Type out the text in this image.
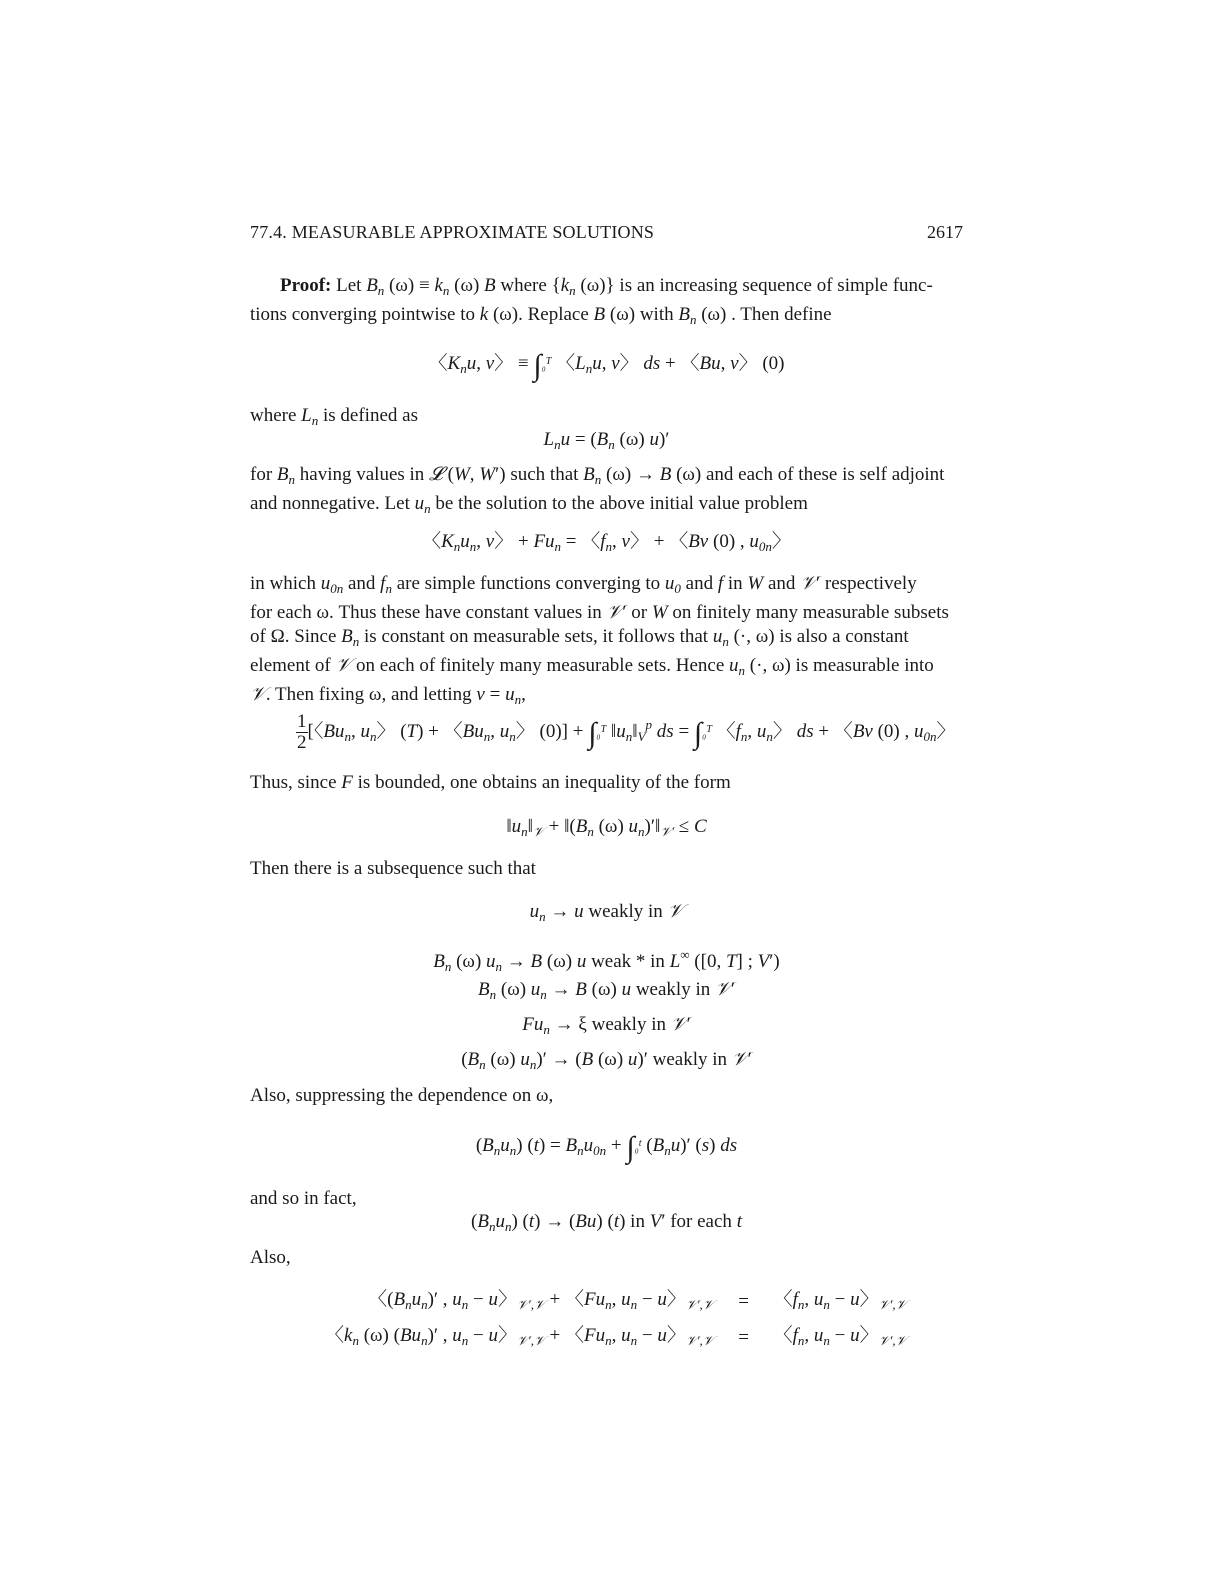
77.4. MEASURABLE APPROXIMATE SOLUTIONS	2617

Proof: Let $B_n$ $(\omega) \equiv k_n$ (ω) B where {$k_n$ (ω)} is an increasing sequence of simple func-
tions converging pointwise to k (ω). Replace B (ω) with $B_n$ (ω) . Then define

〈$K_nu$, v〉 ≡ ∫₀$^T$ 〈$L_nu$, v〉 ds + 〈Bu, v〉 (0)

where $L_n$ is defined as

$L_nu = (B_n$ (ω) u)′

for $B_n$ having values in 𝓛 (W, W′) such that $B_n$ (ω) → B (ω) and each of these is self adjoint
and nonnegative. Let $u_n$ be the solution to the above initial value problem

〈$K_nu_n$, v〉 + $Fu_n$ = 〈$f_n$, v〉 + 〈Bv (0) , $u_{0n}$〉

in which $u_{0n}$ and $f_n$ are simple functions converging to $u_0$ and f in W and 𝒱′ respectively
for each ω. Thus these have constant values in 𝒱′ or W on finitely many measurable subsets
of Ω. Since $B_n$ is constant on measurable sets, it follows that $u_n$ (·, ω) is also a constant
element of 𝒱 on each of finitely many measurable sets. Hence $u_n$ (·, ω) is measurable into
𝒱. Then fixing ω, and letting $v = u_n$,

$\frac{1}{2}$ [〈$Bu_n$, $u_n$〉 (T) + 〈$Bu_n$, $u_n$〉 (0)] + ∫₀$^T$ $‖u_n‖_V^p$ ds = ∫₀$^T$ 〈$f_n$, $u_n$〉 ds + 〈Bv (0) , $u_{0n}$〉

Thus, since F is bounded, one obtains an inequality of the form

$‖u_n‖_𝒱$ + $‖(B_n$ (ω) $u_n)'‖_{𝒱'} \le C$

Then there is a subsequence such that

$u_n \to u$ weakly in 𝒱
$B_n$ (ω) $u_n \to B$ (ω) u weak * in L∞ ([0, T] ; V′)
$B_n$ (ω) $u_n \to B$ (ω) u weakly in 𝒱′
$Fu_n \to \xi$ weakly in 𝒱′
($B_n$ (ω) $u_n)' \to (B$ (ω) u)′ weakly in 𝒱′

Also, suppressing the dependence on ω,

$(B_nu_n) (t) = B_nu_{0n} + \int_0^t$ $(B_nu)'$ (s) ds

and so in fact,

$(B_nu_n) (t) \to (Bu)$ (t) in V′ for each t

Also,

〈$(B_nu_n)'$ , $u_n - u$〉$_{𝒱',𝒱}$ + 〈$Fu_n$, $u_n - u$〉$_{𝒱',𝒱}$	=	〈$f_n$, $u_n - u$〉$_{𝒱',𝒱}$
〈$k_n$ (ω) $(Bu_n)'$ , $u_n - u$〉$_{𝒱',𝒱}$ + 〈$Fu_n$, $u_n - u$〉$_{𝒱',𝒱}$	=	〈$f_n$, $u_n - u$〉$_{𝒱',𝒱}$
